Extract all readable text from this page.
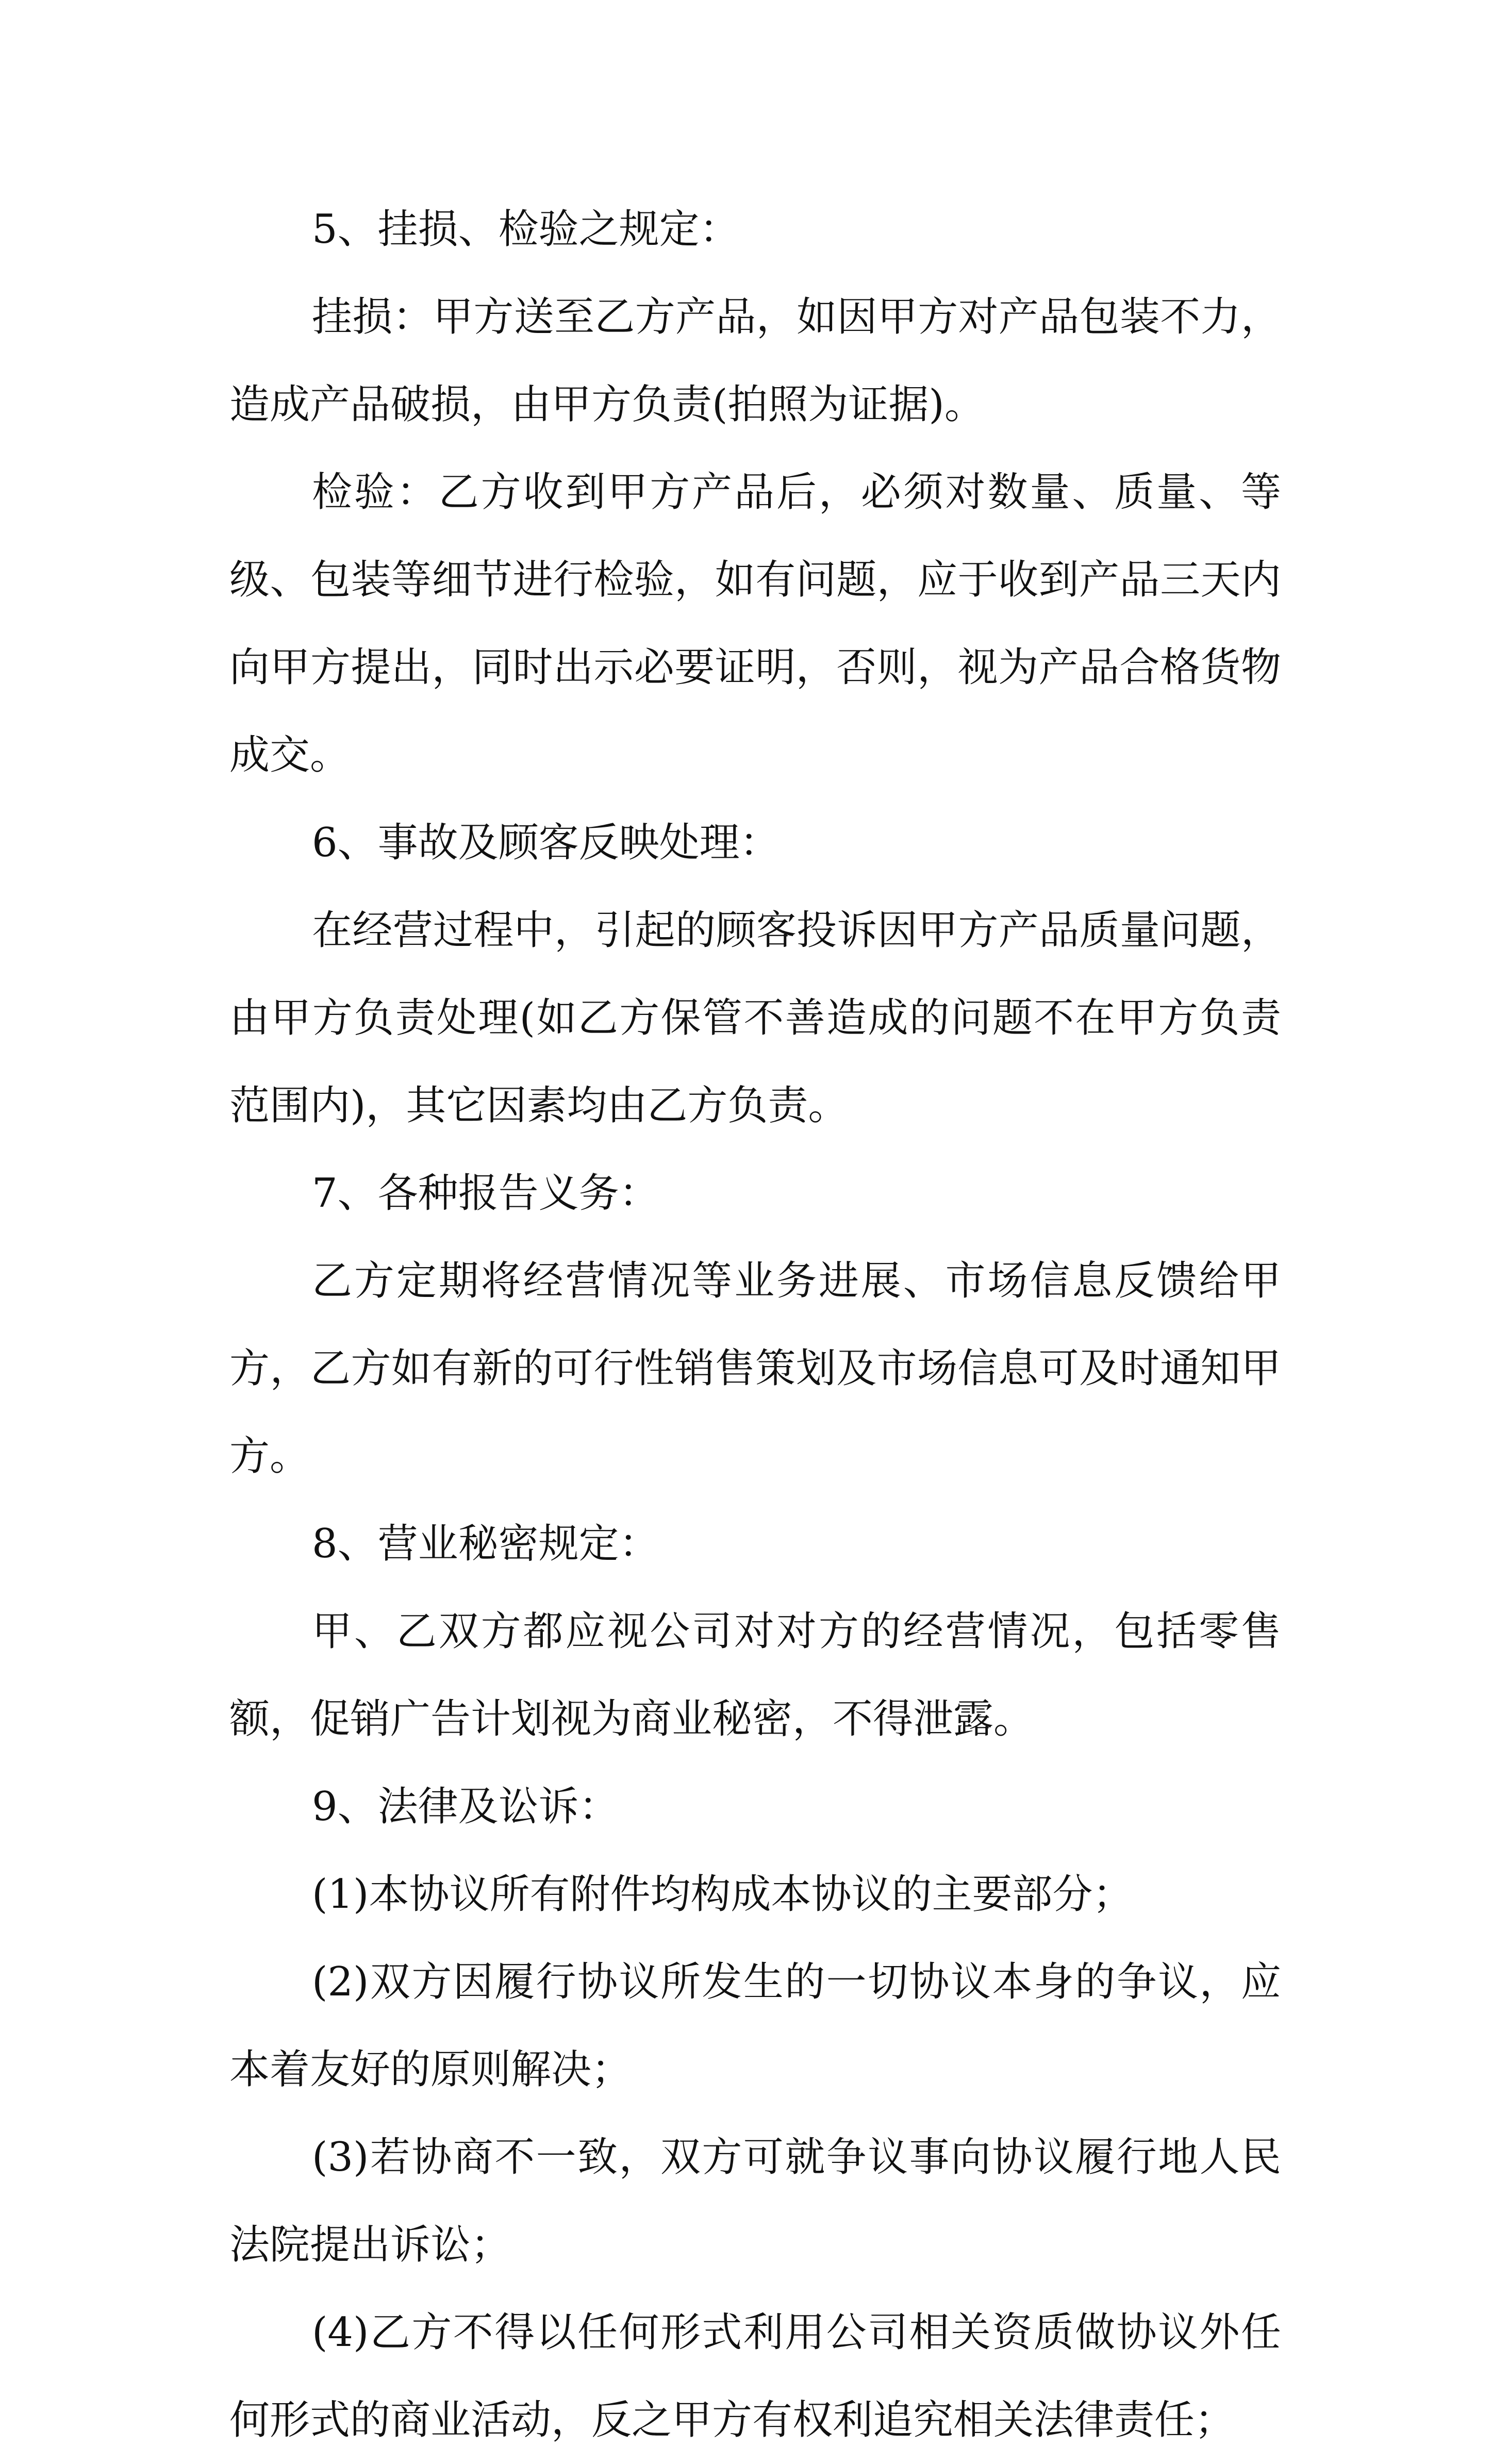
5、挂损、检验之规定：

挂损：甲方送至乙方产品，如因甲方对产品包装不力，造成产品破损，由甲方负责(拍照为证据)。

检验：乙方收到甲方产品后，必须对数量、质量、等级、包装等细节进行检验，如有问题，应于收到产品三天内向甲方提出，同时出示必要证明，否则，视为产品合格货物成交。

6、事故及顾客反映处理：

在经营过程中，引起的顾客投诉因甲方产品质量问题，由甲方负责处理(如乙方保管不善造成的问题不在甲方负责范围内)，其它因素均由乙方负责。

7、各种报告义务：

乙方定期将经营情况等业务进展、市场信息反馈给甲方，乙方如有新的可行性销售策划及市场信息可及时通知甲方。

8、营业秘密规定：

甲、乙双方都应视公司对对方的经营情况，包括零售额，促销广告计划视为商业秘密，不得泄露。

9、法律及讼诉：

(1)本协议所有附件均构成本协议的主要部分；

(2)双方因履行协议所发生的一切协议本身的争议，应本着友好的原则解决；

(3)若协商不一致，双方可就争议事向协议履行地人民法院提出诉讼；

(4)乙方不得以任何形式利用公司相关资质做协议外任何形式的商业活动，反之甲方有权利追究相关法律责任；
